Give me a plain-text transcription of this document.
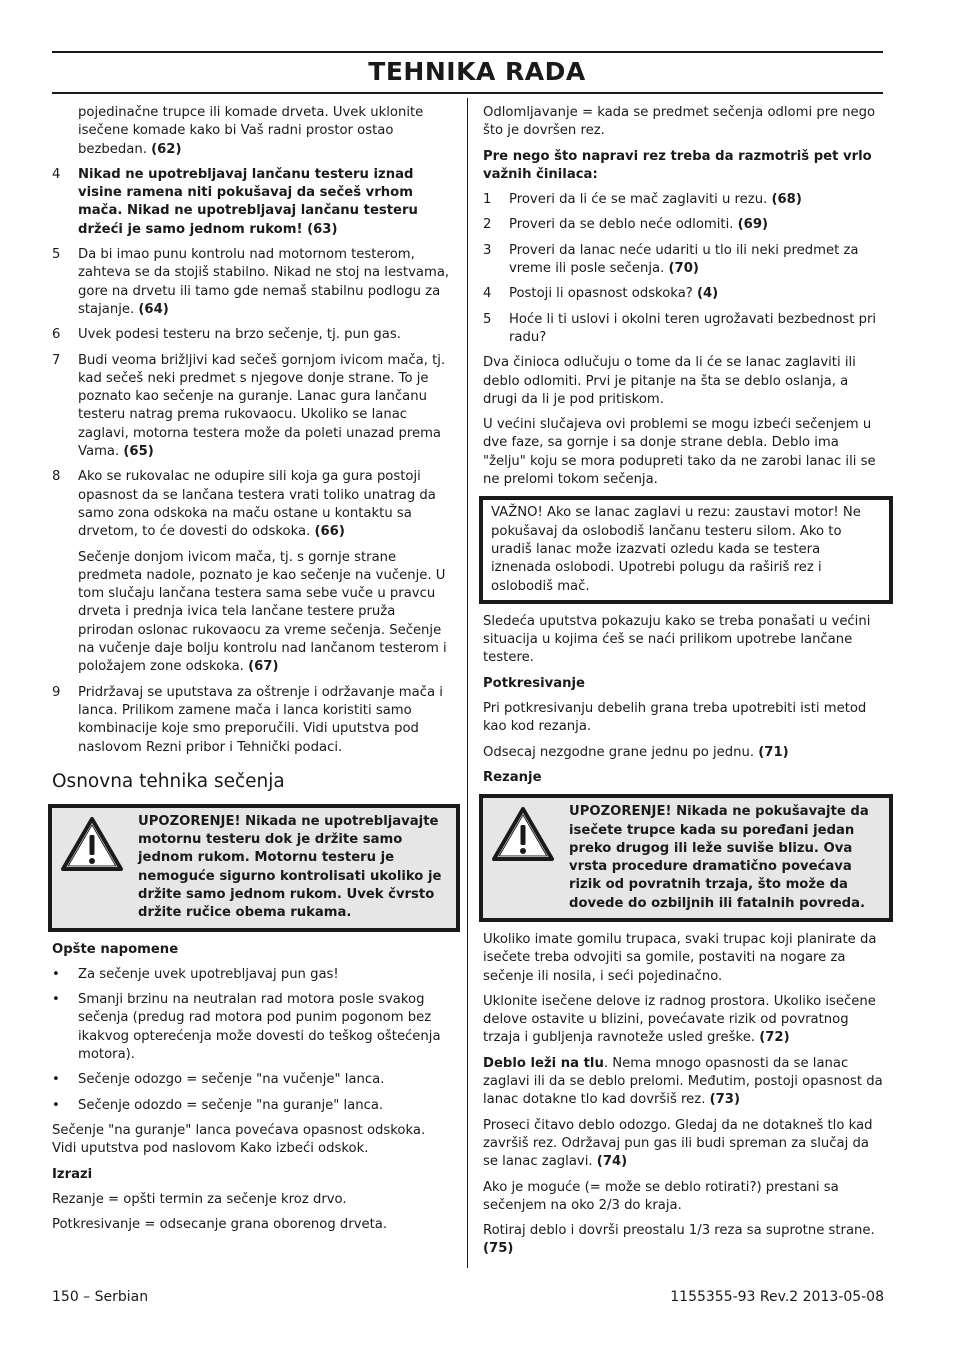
TEHNIKA RADA

pojedinačne trupce ili komade drveta. Uvek uklonite isečene komade kako bi Vaš radni prostor ostao bezbedan. (62)

4 Nikad ne upotrebljavaj lančanu testeru iznad visine ramena niti pokušavaj da sečeš vrhom mača. Nikad ne upotrebljavaj lančanu testeru držeći je samo jednom rukom! (63)
5 Da bi imao punu kontrolu nad motornom testerom, zahteva se da stojiš stabilno. Nikad ne stoj na lestvama, gore na drvetu ili tamo gde nemaš stabilnu podlogu za stajanje. (64)
6 Uvek podesi testeru na brzo sečenje, tj. pun gas.
7 Budi veoma brižljivi kad sečeš gornjom ivicom mača, tj. kad sečeš neki predmet s njegove donje strane. To je poznato kao sečenje na guranje. Lanac gura lančanu testeru natrag prema rukovaocu. Ukoliko se lanac zaglavi, motorna testera može da poleti unazad prema Vama. (65)
8 Ako se rukovalac ne odupire sili koja ga gura postoji opasnost da se lančana testera vrati toliko unatrag da samo zona odskoka na maču ostane u kontaktu sa drvetom, to će dovesti do odskoka. (66)

Sečenje donjom ivicom mača, tj. s gornje strane predmeta nadole, poznato je kao sečenje na vučenje. U tom slučaju lančana testera sama sebe vuče u pravcu drveta i prednja ivica tela lančane testere pruža prirodan oslonac rukovaocu za vreme sečenja. Sečenje na vučenje daje bolju kontrolu nad lančanom testerom i položajem zone odskoka. (67)

9 Pridržavaj se uputstava za oštrenje i održavanje mača i lanca. Prilikom zamene mača i lanca koristiti samo kombinacije koje smo preporučili. Vidi uputstva pod naslovom Rezni pribor i Tehnički podaci.
Osnovna tehnika sečenja
UPOZORENJE! Nikada ne upotrebljavajte motornu testeru dok je držite samo jednom rukom. Motornu testeru je nemoguće sigurno kontrolisati ukoliko je držite samo jednom rukom. Uvek čvrsto držite ručice obema rukama.
Opšte napomene
• Za sečenje uvek upotrebljavaj pun gas!
• Smanji brzinu na neutralan rad motora posle svakog sečenja (predug rad motora pod punim pogonom bez ikakvog opterećenja može dovesti do teškog oštećenja motora).
• Sečenje odozgo = sečenje "na vučenje" lanca.
• Sečenje odozdo = sečenje "na guranje" lanca.

Sečenje "na guranje" lanca povećava opasnost odskoka. Vidi uputstva pod naslovom Kako izbeći odskok.

Izrazi

Rezanje = opšti termin za sečenje kroz drvo.

Potkresivanje = odsecanje grana oborenog drveta.

Odlomljavanje = kada se predmet sečenja odlomi pre nego što je dovršen rez.

Pre nego što napravi rez treba da razmotriš pet vrlo važnih činilaca:

1 Proveri da li će se mač zaglaviti u rezu. (68)
2 Proveri da se deblo neće odlomiti. (69)
3 Proveri da lanac neće udariti u tlo ili neki predmet za vreme ili posle sečenja. (70)
4 Postoji li opasnost odskoka? (4)
5 Hoće li ti uslovi i okolni teren ugrožavati bezbednost pri radu?

Dva činioca odlučuju o tome da li će se lanac zaglaviti ili deblo odlomiti. Prvi je pitanje na šta se deblo oslanja, a drugi da li je pod pritiskom.

U većini slučajeva ovi problemi se mogu izbeći sečenjem u dve faze, sa gornje i sa donje strane debla. Deblo ima "želju" koju se mora poduprеti tako da ne zarobi lanac ili se ne prelomi tokom sečenja.

VAŽNO! Ako se lanac zaglavi u rezu: zaustavi motor! Ne pokušavaj da oslobodiš lančanu testeru silom. Ako to uradiš lanac može izazvati ozledu kada se testera iznenada oslobodi. Upotrebi polugu da raširiš rez i oslobodiš mač.

Sledeća uputstva pokazuju kako se treba ponašati u većini situacija u kojima ćeš se naći prilikom upotrebe lančane testere.

Potkresivanje

Pri potkresivanju debelih grana treba upotrebiti isti metod kao kod rezanja.

Odsecaj nezgodne grane jednu po jednu. (71)

Rezanje
UPOZORENJE! Nikada ne pokušavajte da isečete trupce kada su poređani jedan preko drugog ili leže suviše blizu. Ova vrsta procedure dramatično povećava rizik od povratnih trzaja, što može da dovede do ozbiljnih ili fatalnih povreda.

Ukoliko imate gomilu trupaca, svaki trupac koji planirate da isečete treba odvojiti sa gomile, postaviti na nogare za sečenje ili nosila, i seći pojedinačno.

Uklonite isečene delove iz radnog prostora. Ukoliko isečene delove ostavite u blizini, povećavate rizik od povratnog trzaja i gubljenja ravnoteže usled greške. (72)

Deblo leži na tlu. Nema mnogo opasnosti da se lanac zaglavi ili da se deblo prelomi. Međutim, postoji opasnost da lanac dotakne tlo kad dovršiš rez. (73)

Proseci čitavo deblo odozgo. Gledaj da ne dotakneš tlo kad završiš rez. Održavaj pun gas ili budi spreman za slučaj da se lanac zaglavi. (74)

Ako je moguće (= može se deblo rotirati?) prestani sa sečenjem na oko 2/3 do kraja.

Rotiraj deblo i dovrši preostalu 1/3 reza sa suprotne strane. (75)

150 – Serbian	1155355-93 Rev.2 2013-05-08
